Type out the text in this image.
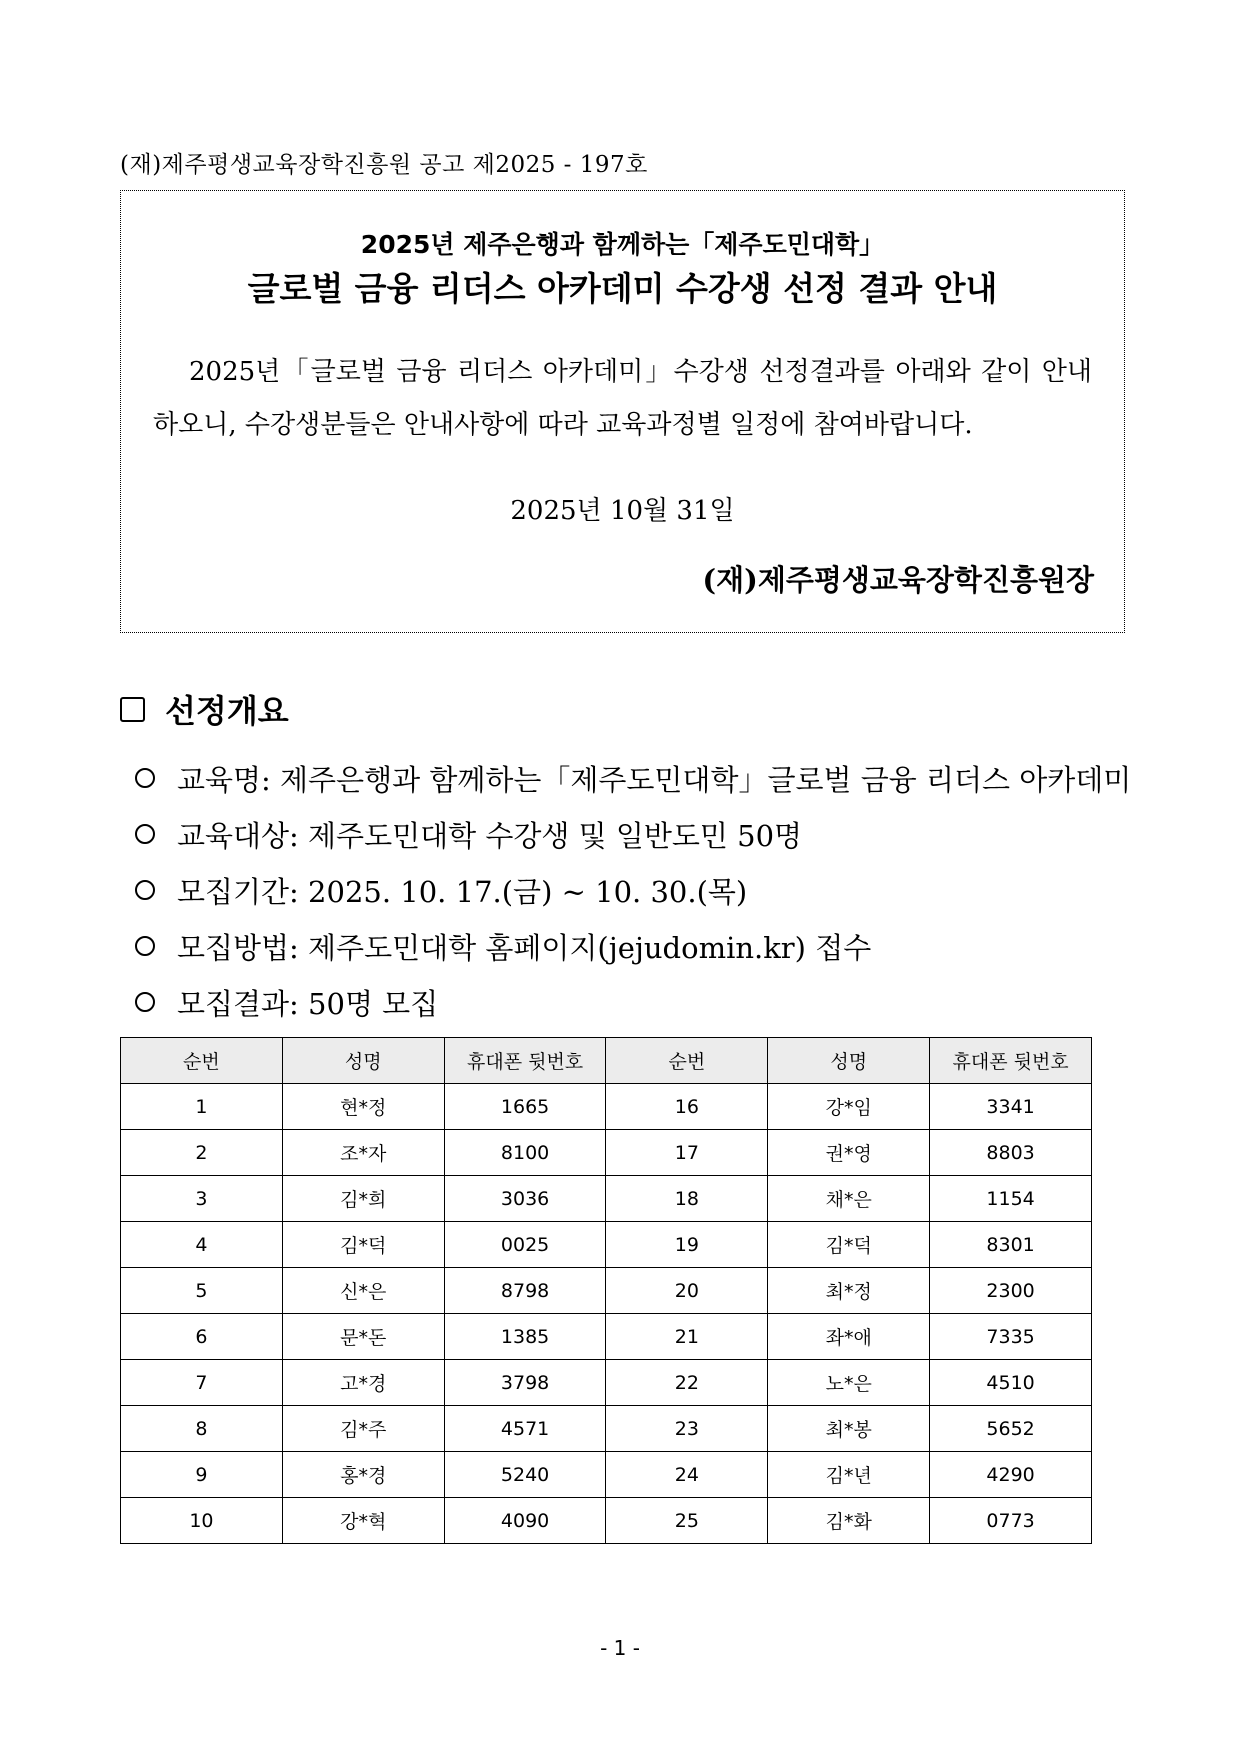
(재)제주평생교육장학진흥원 공고 제2025 - 197호
2025년 제주은행과 함께하는「제주도민대학」
글로벌 금융 리더스 아카데미 수강생 선정 결과 안내
2025년「글로벌 금융 리더스 아카데미」수강생 선정결과를 아래와 같이 안내하오니, 수강생분들은 안내사항에 따라 교육과정별 일정에 참여바랍니다.
2025년 10월 31일
(재)제주평생교육장학진흥원장
선정개요
교육명: 제주은행과 함께하는「제주도민대학」글로벌 금융 리더스 아카데미
교육대상: 제주도민대학 수강생 및 일반도민 50명
모집기간: 2025. 10. 17.(금) ~ 10. 30.(목)
모집방법: 제주도민대학 홈페이지(jejudomin.kr) 접수
모집결과: 50명 모집
순번	성명	휴대폰 뒷번호	순번	성명	휴대폰 뒷번호
1	현*정	1665	16	강*임	3341
2	조*자	8100	17	권*영	8803
3	김*희	3036	18	채*은	1154
4	김*덕	0025	19	김*덕	8301
5	신*은	8798	20	최*정	2300
6	문*돈	1385	21	좌*애	7335
7	고*경	3798	22	노*은	4510
8	김*주	4571	23	최*봉	5652
9	홍*경	5240	24	김*년	4290
10	강*혁	4090	25	김*화	0773
- 1 -
